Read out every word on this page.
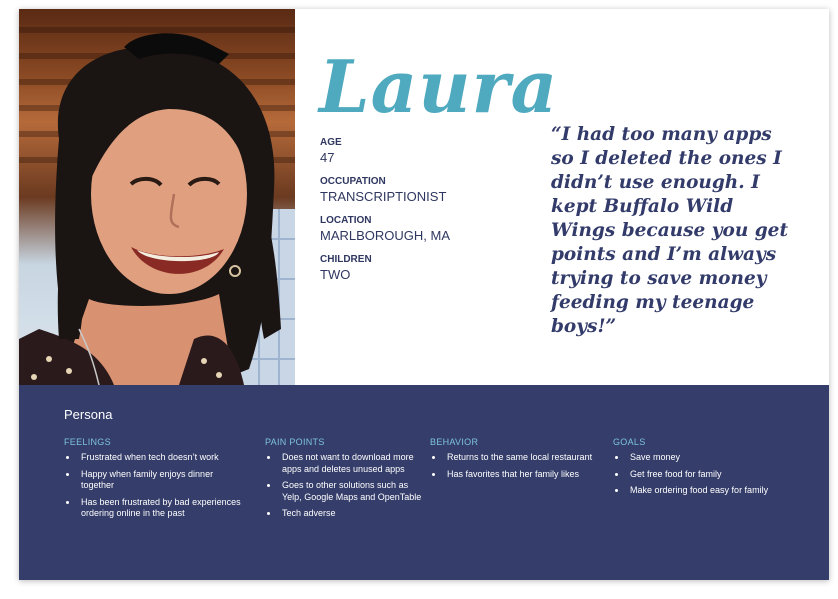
Laura
AGE
47
OCCUPATION
TRANSCRIPTIONIST
LOCATION
MARLBOROUGH, MA
CHILDREN
TWO
“I had too many apps so I deleted the ones I didn’t use enough. I kept Buffalo Wild Wings because you get points and I’m always trying to save money feeding my teenage boys!”
Persona
FEELINGS
Frustrated when tech doesn’t work
Happy when family enjoys dinner together
Has been frustrated by bad experiences ordering online in the past
PAIN POINTS
Does not want to download more apps and deletes unused apps
Goes to other solutions such as Yelp, Google Maps and OpenTable
Tech adverse
BEHAVIOR
Returns to the same local restaurant
Has favorites that her family likes
GOALS
Save money
Get free food for family
Make ordering food easy for family
